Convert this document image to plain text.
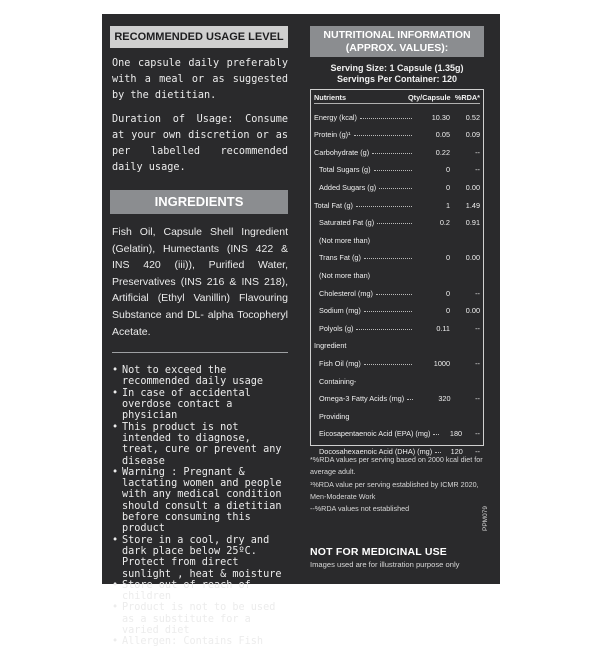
RECOMMENDED USAGE LEVEL

One capsule daily preferably with a meal or as suggested by the dietitian.

Duration of Usage: Consume at your own discretion or as per labelled recommended daily usage.

INGREDIENTS

Fish Oil, Capsule Shell Ingredient (Gelatin), Humectants (INS 422 & INS 420 (iii)), Purified Water, Preservatives (INS 216 & INS 218), Artificial (Ethyl Vanillin) Flavouring Substance and DL- alpha Tocopheryl Acetate.

• Not to exceed the recommended daily usage
• In case of accidental overdose contact a physician
• This product is not intended to diagnose, treat, cure or prevent any disease
• Warning : Pregnant & lactating women and people with any medical condition should consult a dietitian before consuming this product
• Store in a cool, dry and dark place below 25ºC. Protect from direct sunlight , heat & moisture
• Store out of reach of children
• Product is not to be used as a substitute for a varied diet
• Allergen: Contains Fish
NUTRITIONAL INFORMATION
(APPROX. VALUES):
Serving Size: 1 Capsule (1.35g)
Servings Per Container: 120
Nutrients	Qty/Capsule %RDA*
Energy (kcal)	10.30	0.52
Protein (g)¹	0.05	0.09
Carbohydrate (g)	0.22	--
Total Sugars (g)	0	--
Added Sugars (g)	0	0.00
Total Fat (g)	1	1.49
Saturated Fat (g)	0.2	0.91
(Not more than)
Trans Fat (g)	0	0.00
(Not more than)
Cholesterol (mg)	0	--
Sodium (mg)	0	0.00
Polyols (g)	0.11	--
Ingredient
Fish Oil (mg)	1000	--
Containing-
Omega-3 Fatty Acids (mg)	320	--
Providing
Eicosapentaenoic Acid (EPA) (mg)	180	--
Docosahexaenoic Acid (DHA) (mg)	120	--
*%RDA values per serving based on 2000 kcal diet for average adult.
¹%RDA value per serving established by ICMR 2020, Men-Moderate Work
--%RDA values not established
NOT FOR MEDICINAL USE
Images used are for illustration purpose only
PPM079
